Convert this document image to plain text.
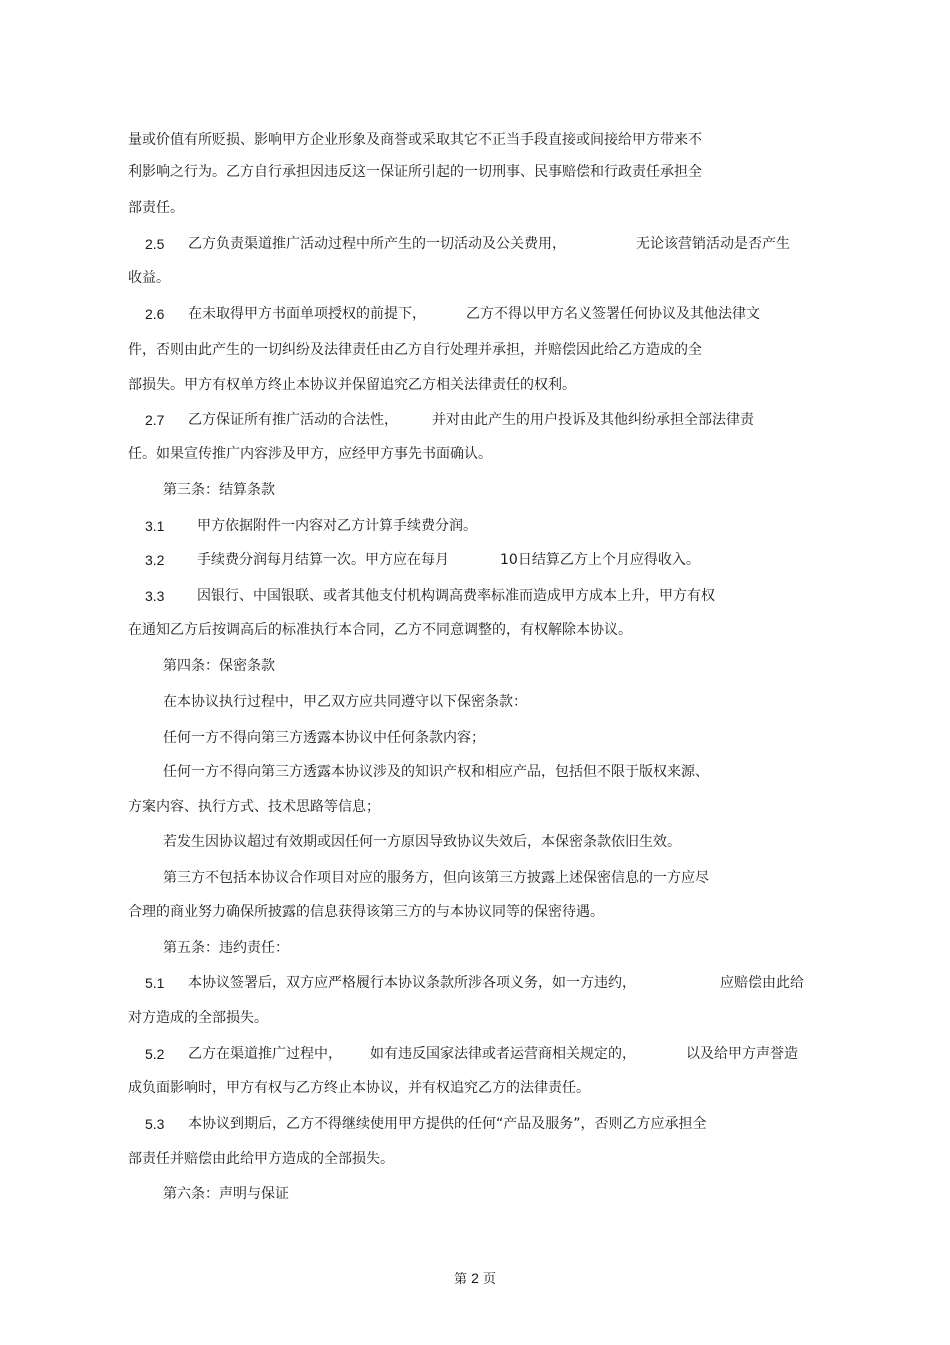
量或价值有所贬损、影响甲方企业形象及商誉或采取其它不正当手段直接或间接给甲方带来不
利影响之行为。乙方自行承担因违反这一保证所引起的一切刑事、民事赔偿和行政责任承担全
部责任。
2.5 乙方负责渠道推广活动过程中所产生的一切活动及公关费用，	无论该营销活动是否产生
收益。
2.6 在未取得甲方书面单项授权的前提下，	乙方不得以甲方名义签署任何协议及其他法律文
件，否则由此产生的一切纠纷及法律责任由乙方自行处理并承担，并赔偿因此给乙方造成的全
部损失。甲方有权单方终止本协议并保留追究乙方相关法律责任的权利。
2.7 乙方保证所有推广活动的合法性， 并对由此产生的用户投诉及其他纠纷承担全部法律责
任。如果宣传推广内容涉及甲方，应经甲方事先书面确认。
第三条：结算条款
3.1 甲方依据附件一内容对乙方计算手续费分润。
3.2 手续费分润每月结算一次。甲方应在每月	10日结算乙方上个月应得收入。
3.3 因银行、中国银联、或者其他支付机构调高费率标准而造成甲方成本上升，甲方有权
在通知乙方后按调高后的标准执行本合同，乙方不同意调整的，有权解除本协议。
第四条：保密条款
在本协议执行过程中，甲乙双方应共同遵守以下保密条款：
任何一方不得向第三方透露本协议中任何条款内容；
任何一方不得向第三方透露本协议涉及的知识产权和相应产品，包括但不限于版权来源、
方案内容、执行方式、技术思路等信息；
若发生因协议超过有效期或因任何一方原因导致协议失效后，本保密条款依旧生效。
第三方不包括本协议合作项目对应的服务方，但向该第三方披露上述保密信息的一方应尽
合理的商业努力确保所披露的信息获得该第三方的与本协议同等的保密待遇。
第五条：违约责任：
5.1 本协议签署后，双方应严格履行本协议条款所涉各项义务，如一方违约，	应赔偿由此给
对方造成的全部损失。
5.2 乙方在渠道推广过程中， 如有违反国家法律或者运营商相关规定的，	以及给甲方声誉造
成负面影响时，甲方有权与乙方终止本协议，并有权追究乙方的法律责任。
5.3 本协议到期后，乙方不得继续使用甲方提供的任何“产品及服务”，否则乙方应承担全
部责任并赔偿由此给甲方造成的全部损失。
第六条：声明与保证
第 2 页
